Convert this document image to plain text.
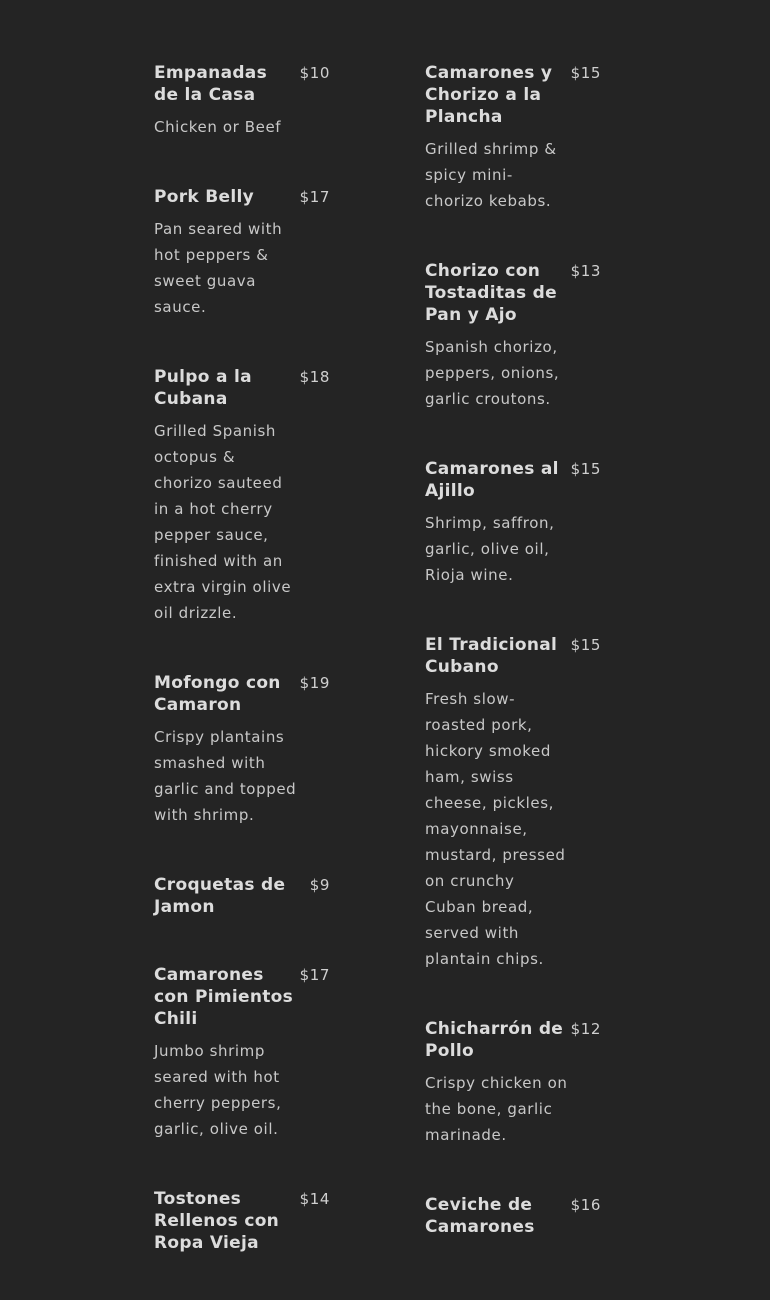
Empanadas de la Casa
$10
Chicken or Beef
Pork Belly	$17
Pan seared with hot peppers & sweet guava sauce.
Pulpo a la Cubana
$18
Grilled Spanish octopus & chorizo sauteed in a hot cherry pepper sauce, finished with an extra virgin olive oil drizzle.
Mofongo con Camaron
$19
Crispy plantains smashed with garlic and topped with shrimp.
Croquetas de Jamon
$9
Camarones con Pimientos Chili
$17
Jumbo shrimp seared with hot cherry peppers, garlic, olive oil.
Tostones Rellenos con Ropa Vieja
$14
Camarones y Chorizo a la Plancha
$15
Grilled shrimp & spicy mini-chorizo kebabs.
Chorizo con Tostaditas de Pan y Ajo
$13
Spanish chorizo, peppers, onions, garlic croutons.
Camarones al Ajillo
$15
Shrimp, saffron, garlic, olive oil, Rioja wine.
El Tradicional Cubano
$15
Fresh slow-roasted pork, hickory smoked ham, swiss cheese, pickles, mayonnaise, mustard, pressed on crunchy Cuban bread, served with plantain chips.
Chicharrón de Pollo
$12
Crispy chicken on the bone, garlic marinade.
Ceviche de Camarones
$16
